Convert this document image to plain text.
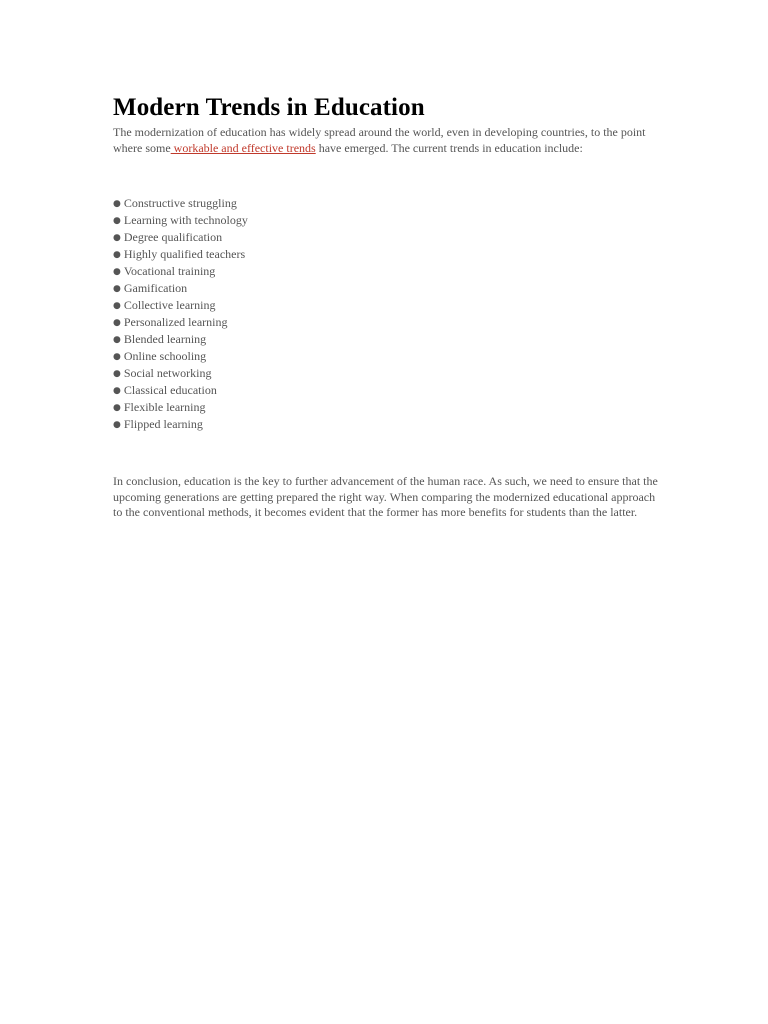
Modern Trends in Education

The modernization of education has widely spread around the world, even in developing countries, to the point where some workable and effective trends have emerged. The current trends in education include:

● Constructive struggling
● Learning with technology
● Degree qualification
● Highly qualified teachers
● Vocational training
● Gamification
● Collective learning
● Personalized learning
● Blended learning
● Online schooling
● Social networking
● Classical education
● Flexible learning
● Flipped learning

In conclusion, education is the key to further advancement of the human race. As such, we need to ensure that the upcoming generations are getting prepared the right way. When comparing the modernized educational approach to the conventional methods, it becomes evident that the former has more benefits for students than the latter.
